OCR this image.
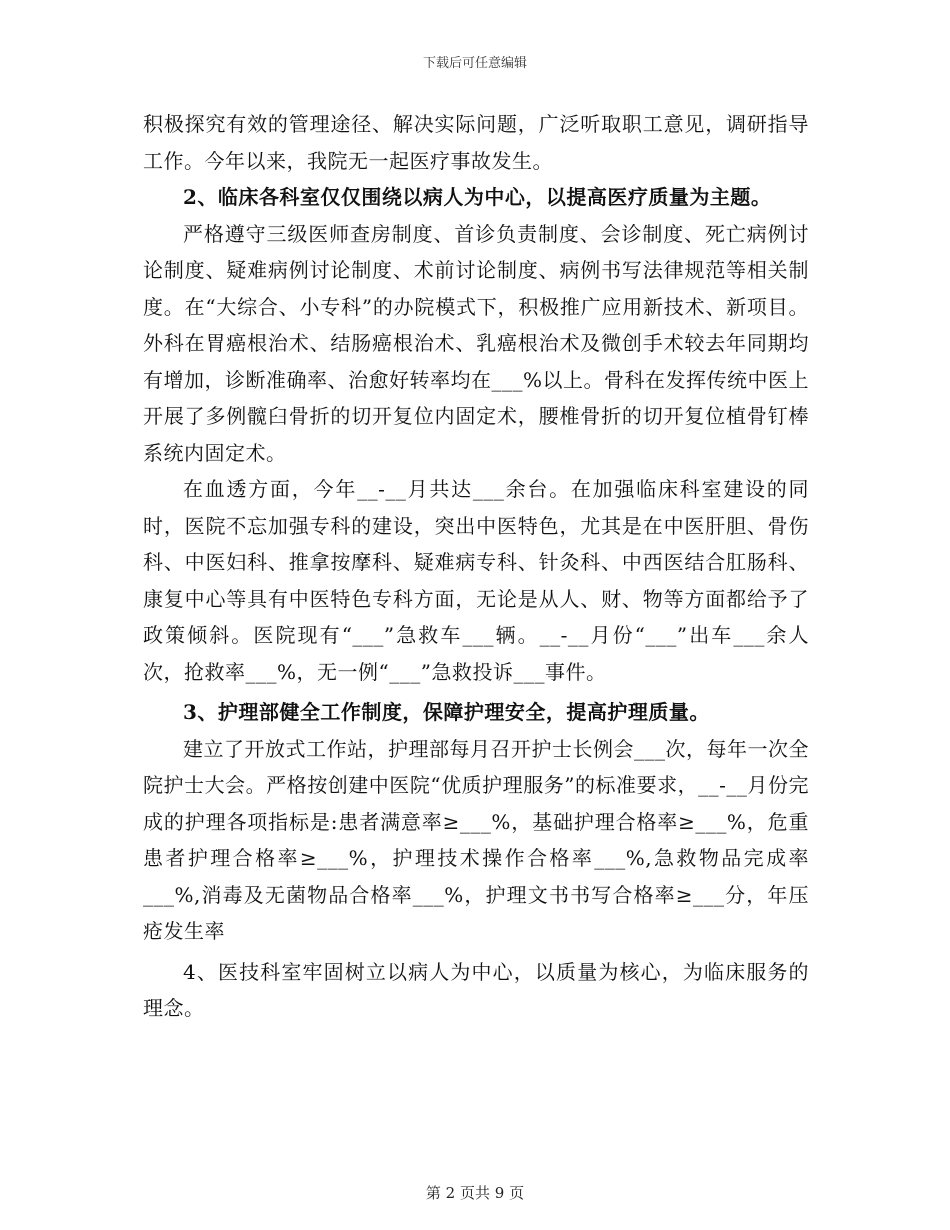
下载后可任意编辑

积极探究有效的管理途径、解决实际问题，广泛听取职工意见，调研指导工作。今年以来，我院无一起医疗事故发生。

2、临床各科室仅仅围绕以病人为中心，以提高医疗质量为主题。

严格遵守三级医师查房制度、首诊负责制度、会诊制度、死亡病例讨论制度、疑难病例讨论制度、术前讨论制度、病例书写法律规范等相关制度。在“大综合、小专科”的办院模式下，积极推广应用新技术、新项目。外科在胃癌根治术、结肠癌根治术、乳癌根治术及微创手术较去年同期均有增加，诊断准确率、治愈好转率均在___%以上。骨科在发挥传统中医上开展了多例髋臼骨折的切开复位内固定术，腰椎骨折的切开复位植骨钉棒系统内固定术。

在血透方面，今年__-__月共达___余台。在加强临床科室建设的同时，医院不忘加强专科的建设，突出中医特色，尤其是在中医肝胆、骨伤科、中医妇科、推拿按摩科、疑难病专科、针灸科、中西医结合肛肠科、康复中心等具有中医特色专科方面，无论是从人、财、物等方面都给予了政策倾斜。医院现有“___”急救车___辆。__-__月份“___”出车___余人次，抢救率___%，无一例“___”急救投诉___事件。

3、护理部健全工作制度，保障护理安全，提高护理质量。

建立了开放式工作站，护理部每月召开护士长例会___次，每年一次全院护士大会。严格按创建中医院“优质护理服务”的标准要求，__-__月份完成的护理各项指标是:患者满意率≥___%，基础护理合格率≥___%，危重患者护理合格率≥___%，护理技术操作合格率___%,急救物品完成率___%,消毒及无菌物品合格率___%，护理文书书写合格率≥___分，年压疮发生率

4、医技科室牢固树立以病人为中心，以质量为核心，为临床服务的理念。

第 2 页共 9 页
